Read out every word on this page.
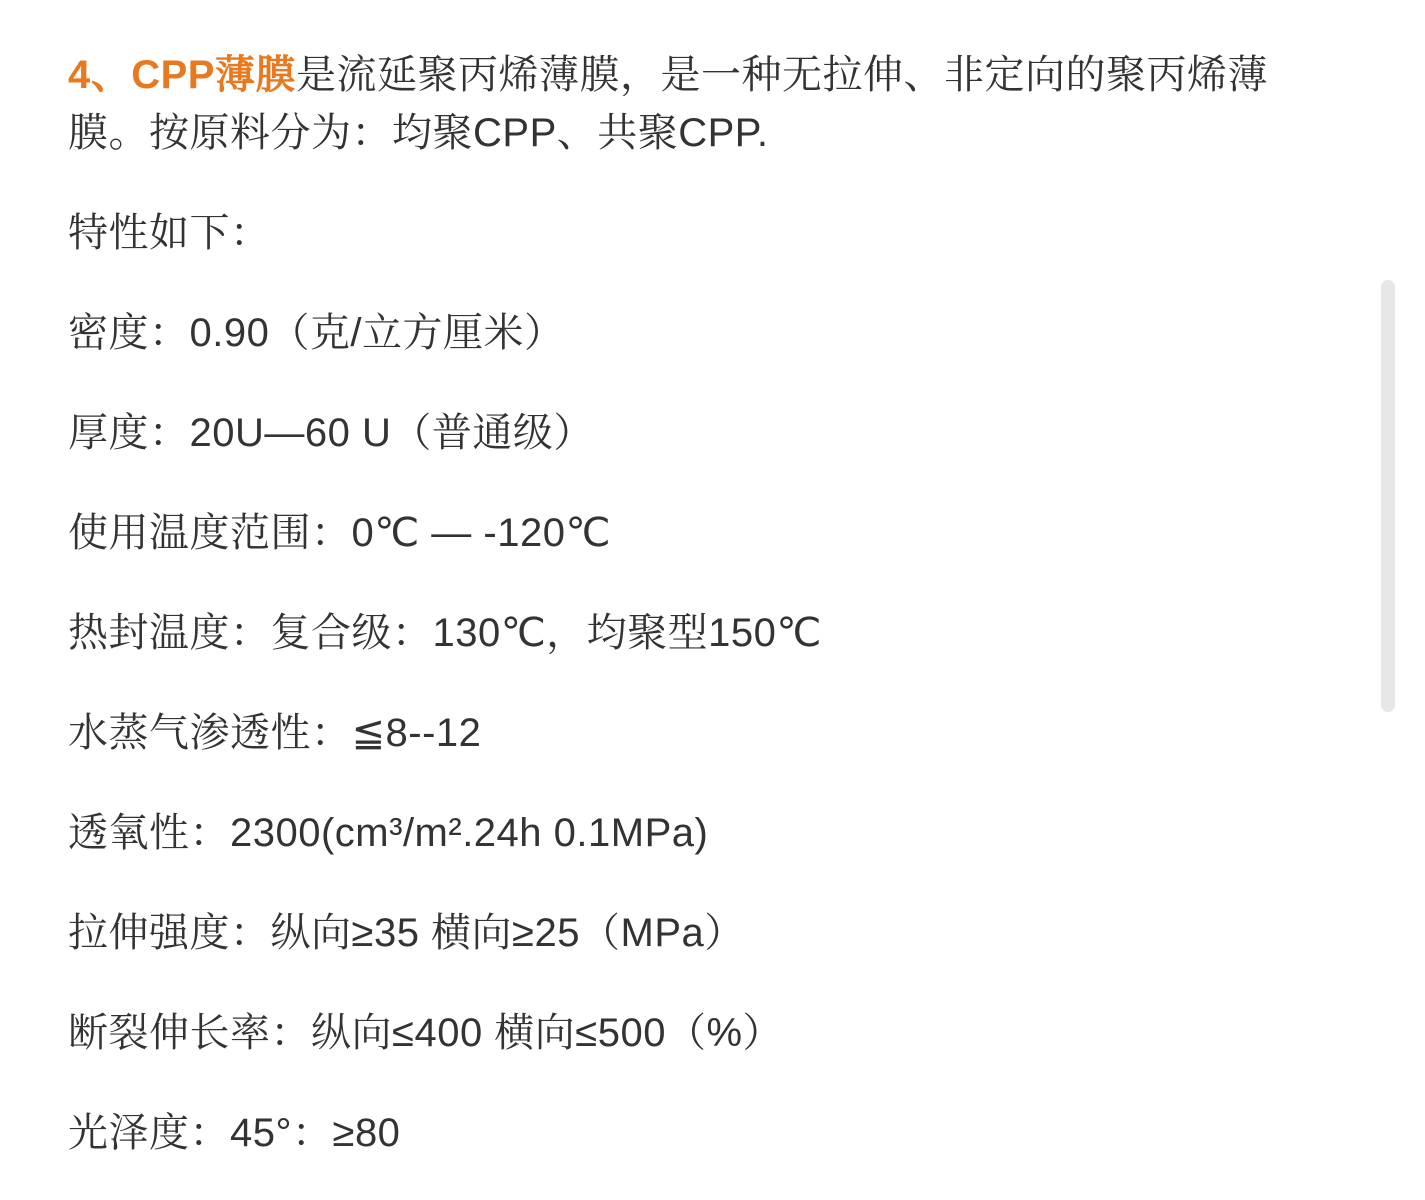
4、CPP薄膜是流延聚丙烯薄膜，是一种无拉伸、非定向的聚丙烯薄膜。按原料分为：均聚CPP、共聚CPP.

特性如下：

密度：0.90（克/立方厘米）

厚度：20U—60 U（普通级）

使用温度范围：0℃ — -120℃

热封温度：复合级：130℃，均聚型150℃

水蒸气渗透性：≦8--12

透氧性：2300(cm³/m².24h 0.1MPa)

拉伸强度：纵向≥35 横向≥25（MPa）

断裂伸长率：纵向≤400 横向≤500（%）

光泽度：45°：≥80
